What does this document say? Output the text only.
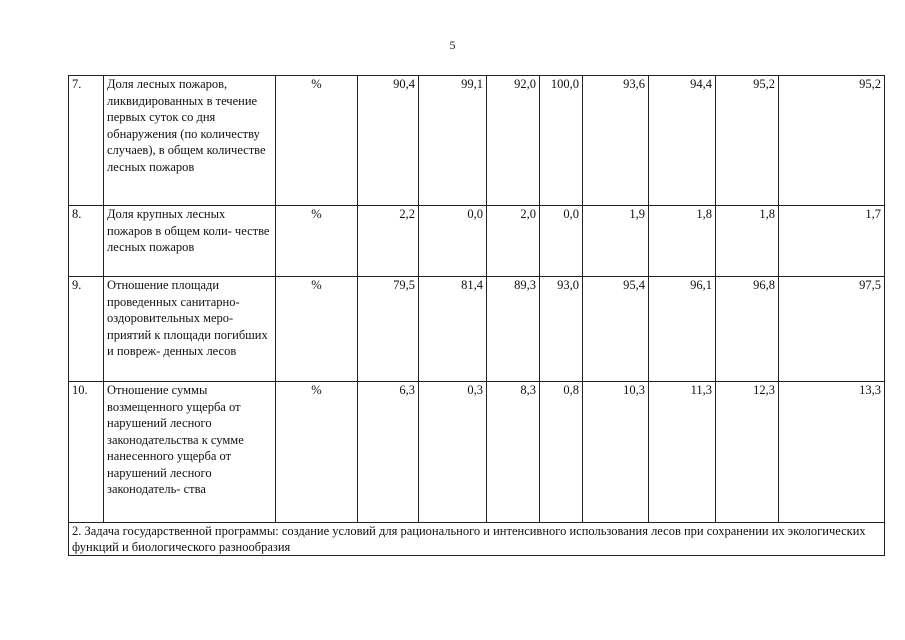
5
7.	Доля лесных пожаров, ликвидированных в течение первых суток со дня обнаружения (по количеству случаев), в общем количестве лесных пожаров	%	90,4	99,1	92,0	100,0	93,6	94,4	95,2	95,2
8.	Доля крупных лесных пожаров в общем коли- честве лесных пожаров	%	2,2	0,0	2,0	0,0	1,9	1,8	1,8	1,7
9.	Отношение площади проведенных санитарно- оздоровительных меро- приятий к площади погибших и повреж- денных лесов	%	79,5	81,4	89,3	93,0	95,4	96,1	96,8	97,5
10.	Отношение суммы возмещенного ущерба от нарушений лесного законодательства к сумме нанесенного ущерба от нарушений лесного законодатель- ства	%	6,3	0,3	8,3	0,8	10,3	11,3	12,3	13,3
2. Задача государственной программы: создание условий для рационального и интенсивного использования лесов при сохранении их экологических функций и биологического разнообразия										
